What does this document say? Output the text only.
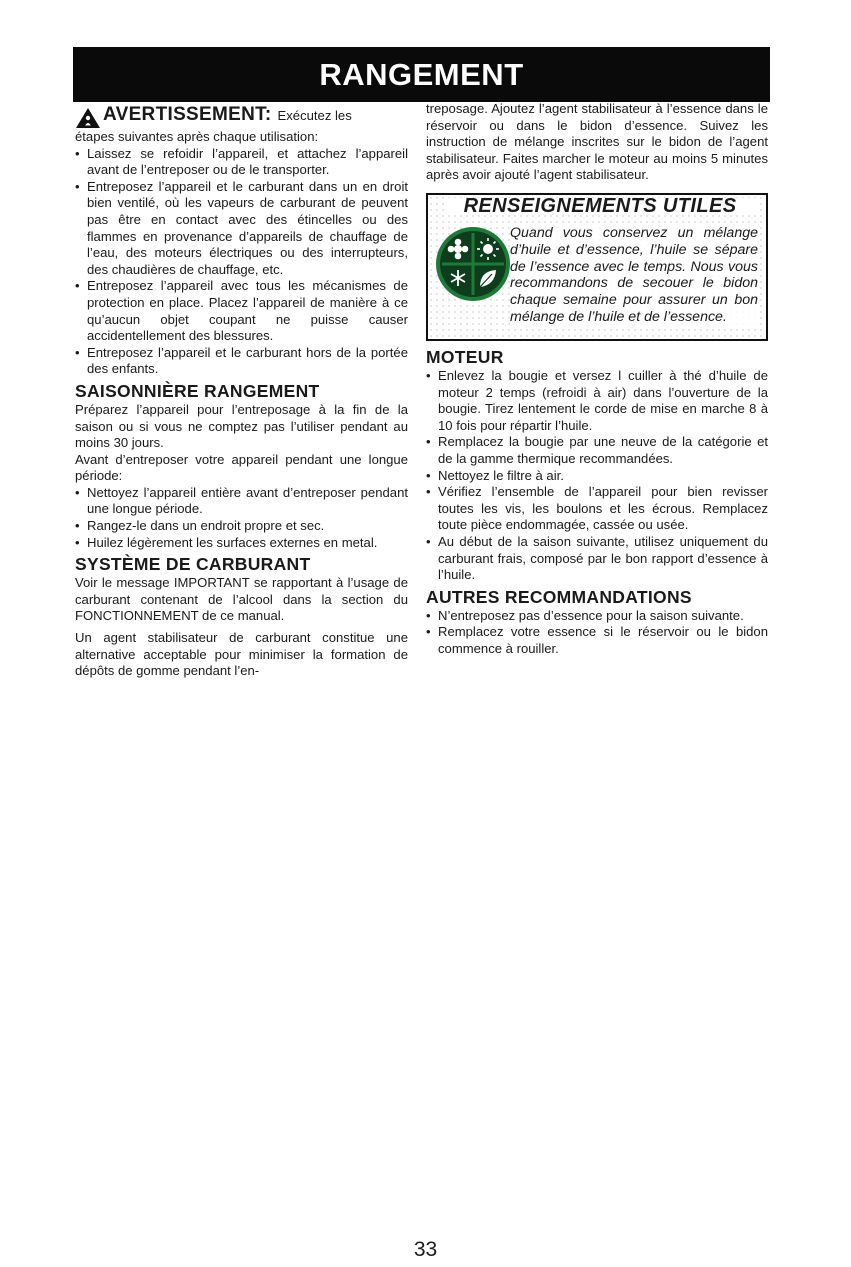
RANGEMENT
AVERTISSEMENT: Exécutez les

étapes suivantes après chaque utilisation:

• Laissez se refoidir l’appareil, et attachez l’appareil avant de l’entreposer ou de le transporter.
• Entreposez l’appareil et le carburant dans un en droit bien ventilé, où les vapeurs de carburant de peuvent pas être en contact avec des étincelles ou des flammes en provenance d’appareils de chauffage de l’eau, des moteurs électriques ou des interrupteurs, des chaudières de chauffage, etc.
• Entreposez l’appareil avec tous les mécanismes de protection en place. Placez l’appareil de manière à ce qu’aucun objet coupant ne puisse causer accidentellement des blessures.
• Entreposez l’appareil et le carburant hors de la portée des enfants.
SAISONNIÈRE RANGEMENT

Préparez l’appareil pour l’entreposage à la fin de la saison ou si vous ne comptez pas l’utiliser pendant au moins 30 jours.

Avant d’entreposer votre appareil pendant une longue période:

• Nettoyez l’appareil entière avant d’entreposer pendant une longue période.
• Rangez-le dans un endroit propre et sec.
• Huilez légèrement les surfaces externes en metal.
SYSTÈME DE CARBURANT

Voir le message IMPORTANT se rapportant à l’usage de carburant contenant de l’alcool dans la section du FONCTIONNEMENT de ce manual.

Un agent stabilisateur de carburant constitue une alternative acceptable pour minimiser la formation de dépôts de gomme pendant l’en-

treposage. Ajoutez l’agent stabilisateur à l’essence dans le réservoir ou dans le bidon d’essence. Suivez les instruction de mélange inscrites sur le bidon de l’agent stabilisateur. Faites marcher le moteur au moins 5 minutes après avoir ajouté l’agent stabilisateur.

RENSEIGNEMENTS UTILES
Quand vous conservez un mélange d’huile et d’essence, l’huile se sépare de l’essence avec le temps. Nous vous recommandons de secouer le bidon chaque semaine pour assurer un bon mélange de l’huile et de l’essence.
MOTEUR
• Enlevez la bougie et versez l cuiller à thé d’huile de moteur 2 temps (refroidi à air) dans l’ouverture de la bougie. Tirez lentement le corde de mise en marche 8 à 10 fois pour répartir l’huile.
• Remplacez la bougie par une neuve de la catégorie et de la gamme thermique recommandées.
• Nettoyez le filtre à air.
• Vérifiez l’ensemble de l’appareil pour bien revisser toutes les vis, les boulons et les écrous. Remplacez toute pièce endommagée, cassée ou usée.
• Au début de la saison suivante, utilisez uniquement du carburant frais, composé par le bon rapport d’essence à l’huile.
AUTRES RECOMMANDATIONS
• N’entreposez pas d’essence pour la saison suivante.
• Remplacez votre essence si le réservoir ou le bidon commence à rouiller.
33
